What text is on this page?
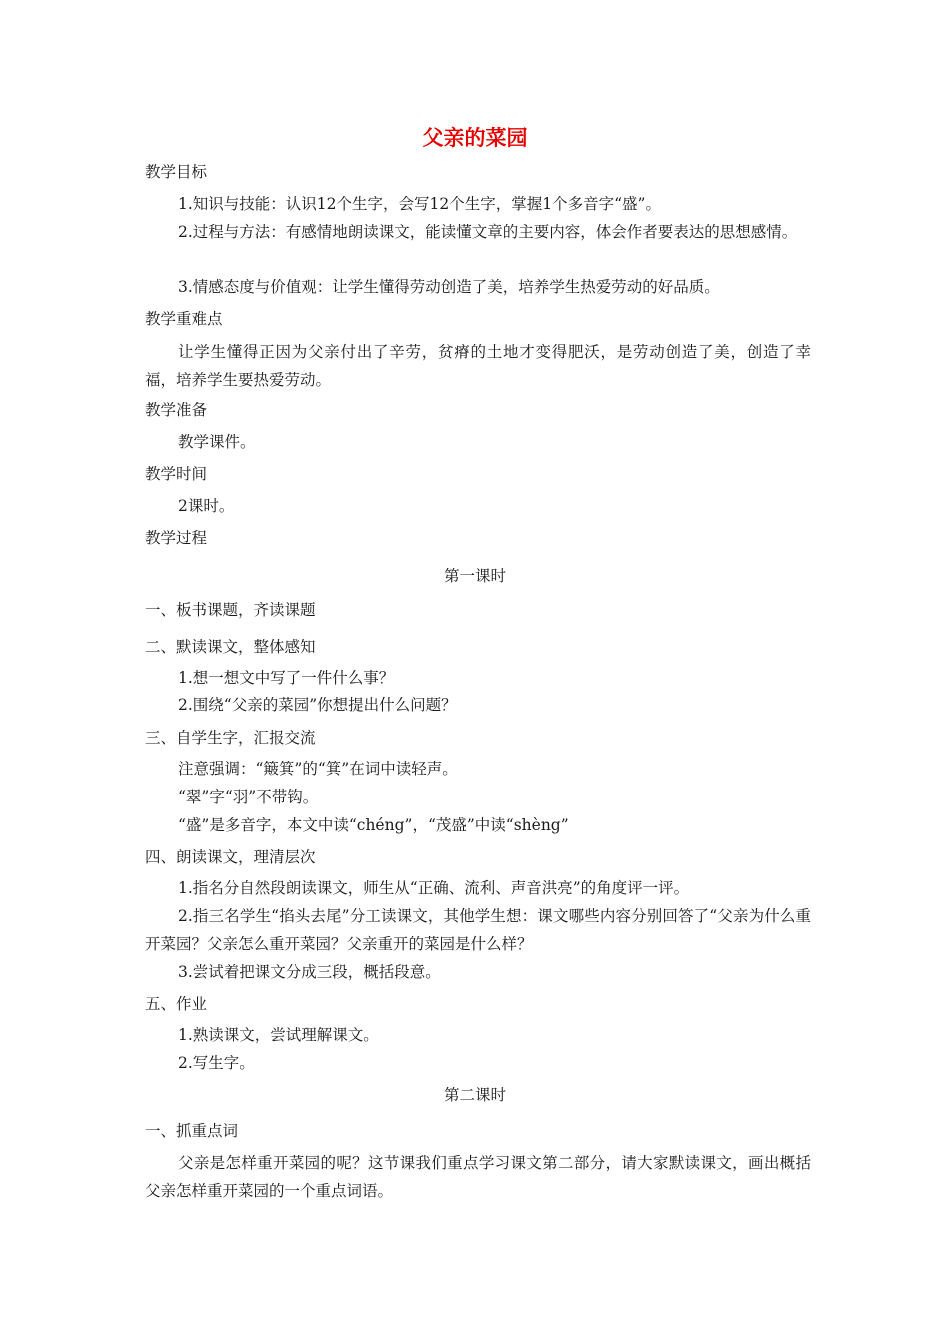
父亲的菜园
教学目标
1.知识与技能：认识12个生字，会写12个生字，掌握1个多音字“盛”。
2.过程与方法：有感情地朗读课文，能读懂文章的主要内容，体会作者要表达的思想感情。
3.情感态度与价值观：让学生懂得劳动创造了美，培养学生热爱劳动的好品质。
教学重难点
让学生懂得正因为父亲付出了辛劳，贫瘠的土地才变得肥沃，是劳动创造了美，创造了幸福，培养学生要热爱劳动。
教学准备
教学课件。
教学时间
2课时。
教学过程
第一课时
一、板书课题，齐读课题
二、默读课文，整体感知
1.想一想文中写了一件什么事？
2.围绕“父亲的菜园”你想提出什么问题？
三、自学生字，汇报交流
注意强调：“簸箕”的“箕”在词中读轻声。
“翠”字“羽”不带钩。
“盛”是多音字，本文中读“chéng”，“茂盛”中读“shèng”
四、朗读课文，理清层次
1.指名分自然段朗读课文，师生从“正确、流利、声音洪亮”的角度评一评。
2.指三名学生“掐头去尾”分工读课文，其他学生想：课文哪些内容分别回答了“父亲为什么重开菜园？父亲怎么重开菜园？父亲重开的菜园是什么样？
3.尝试着把课文分成三段，概括段意。
五、作业
1.熟读课文，尝试理解课文。
2.写生字。
第二课时
一、抓重点词
父亲是怎样重开菜园的呢？这节课我们重点学习课文第二部分，请大家默读课文，画出概括父亲怎样重开菜园的一个重点词语。
